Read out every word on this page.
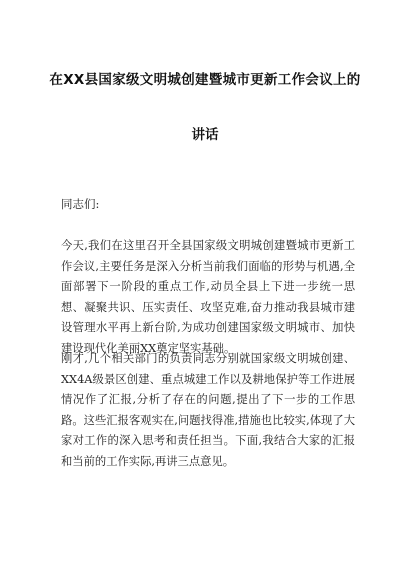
在XX县国家级文明城创建暨城市更新工作会议上的
讲话
同志们:
今天,我们在这里召开全县国家级文明城创建暨城市更新工作会议,主要任务是深入分析当前我们面临的形势与机遇,全面部署下一阶段的重点工作,动员全县上下进一步统一思想、凝聚共识、压实责任、攻坚克难,奋力推动我县城市建设管理水平再上新台阶,为成功创建国家级文明城市、加快建设现代化美丽XX奠定坚实基础。
刚才,几个相关部门的负责同志分别就国家级文明城创建、XX4A级景区创建、重点城建工作以及耕地保护等工作进展情况作了汇报,分析了存在的问题,提出了下一步的工作思路。这些汇报客观实在,问题找得准,措施也比较实,体现了大家对工作的深入思考和责任担当。下面,我结合大家的汇报和当前的工作实际,再讲三点意见。
